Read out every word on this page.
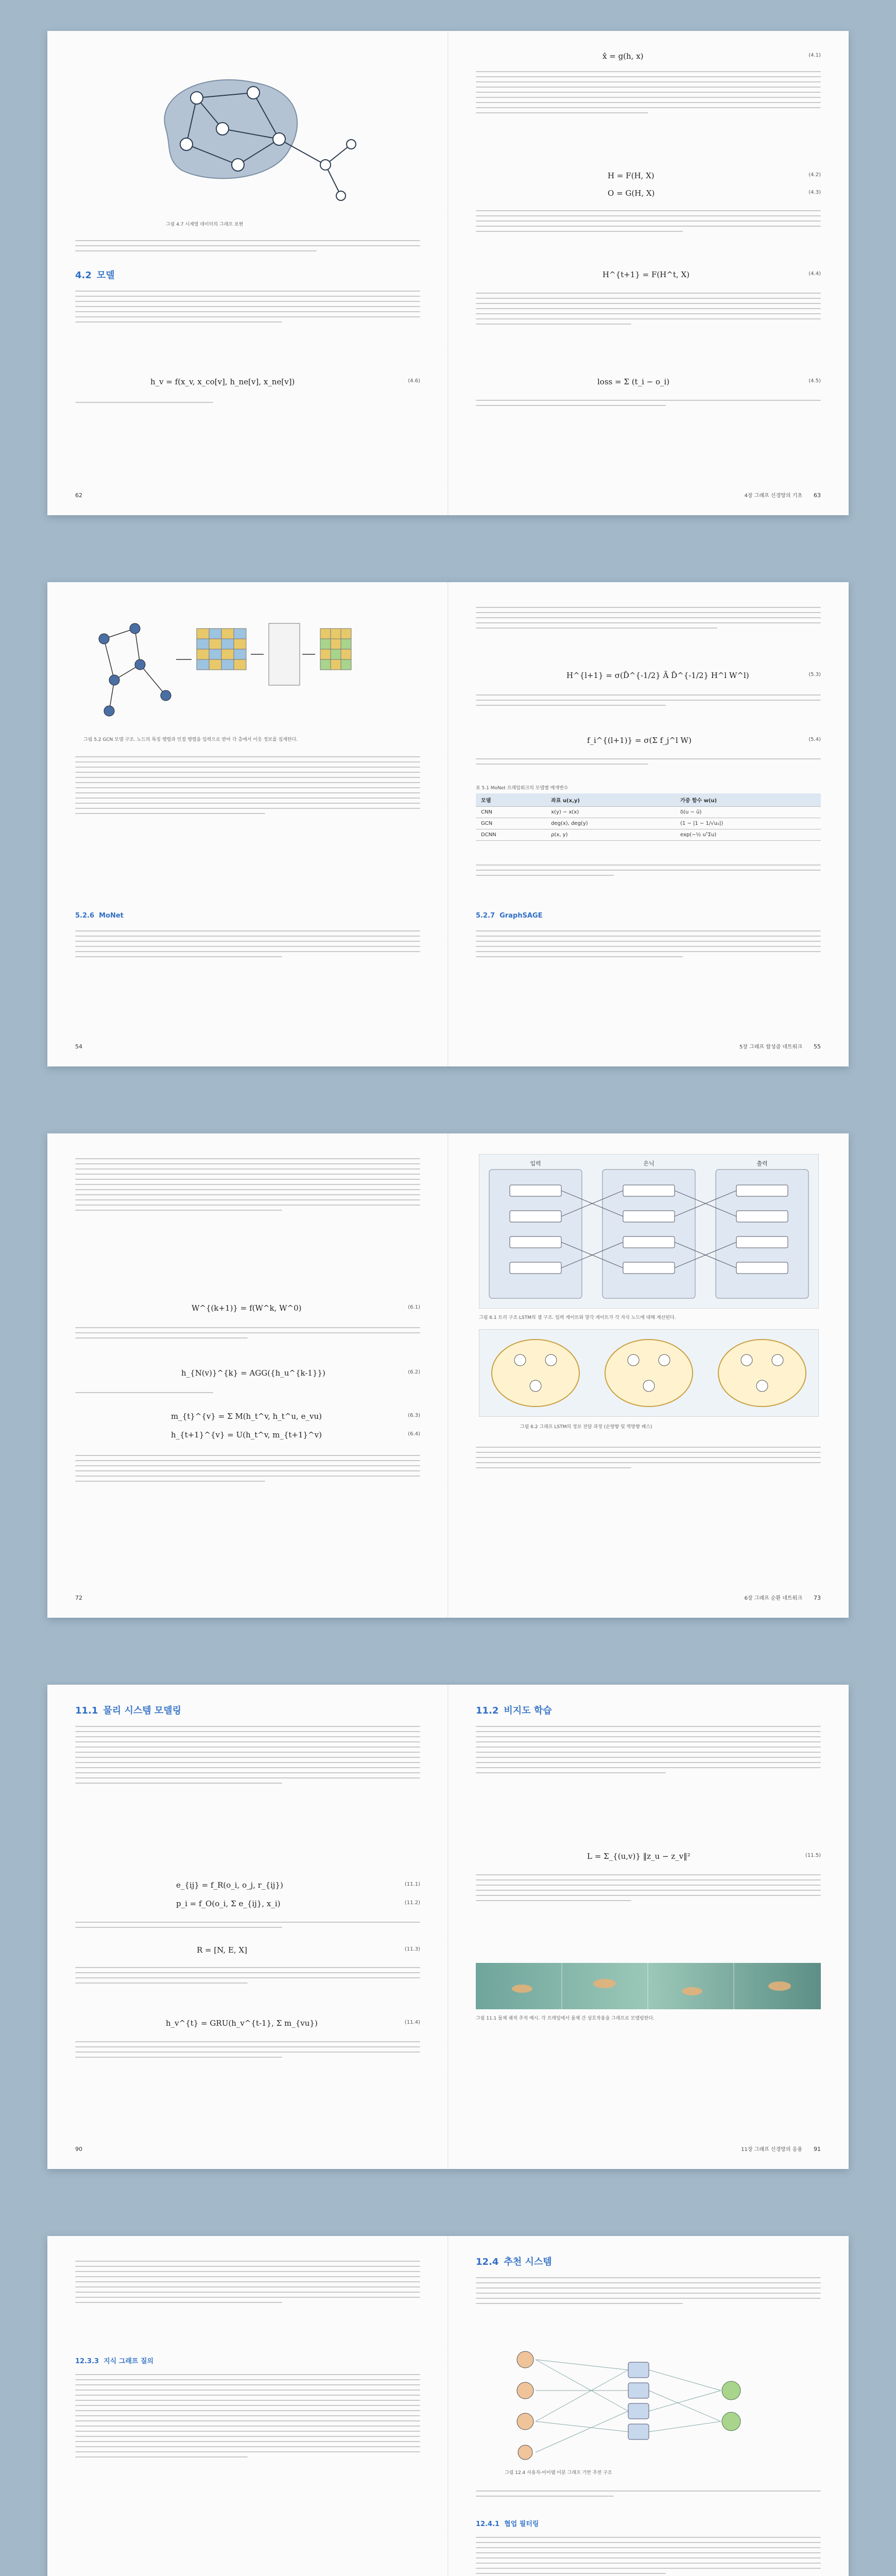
그림 4.7 시계열 데이터의 그래프 표현
4.2 모델
h_v = f(x_v, x_co[v], h_ne[v], x_ne[v])	(4.6)
62
x̂ = g(h, x)	(4.1)
H = F(H, X)	(4.2)
O = G(H, X)	(4.3)
H^{t+1} = F(H^t, X)	(4.4)
loss = Σ (t_i − o_i)	(4.5)
4장 그래프 신경망의 기초 63
그림 5.2 GCN 모델 구조. 노드의 특징 행렬과 인접 행렬을 입력으로 받아 각 층에서 이웃 정보를 집계한다.
5.2.6 MoNet
54
H^{l+1} = σ(D̃^{-1/2} Ã D̃^{-1/2} H^l W^l)	(5.3)
f_i^{(l+1)} = σ(Σ f_j^l W)	(5.4)
표 5.1 MoNet 프레임워크의 모델별 매개변수
모델	좌표 u(x,y)	가중 함수 w(u)
CNN	x(y) − x(x)	δ(u − ū)
GCN	deg(x), deg(y)	(1 − |1 − 1/√u₁|)
DCNN	ρ(x, y)	exp(−½ uᵀΣu)
5.2.7 GraphSAGE
5장 그래프 합성곱 네트워크 55
W^{(k+1)} = f(W^k, W^0)	(6.1)
h_{N(v)}^{k} = AGG({h_u^{k-1}})	(6.2)
m_{t}^{v} = Σ M(h_t^v, h_t^u, e_vu)	(6.3)
h_{t+1}^{v} = U(h_t^v, m_{t+1}^v)	(6.4)
72
입력	은닉	출력
그림 6.1 트리 구조 LSTM의 셀 구조. 입력 게이트와 망각 게이트가 각 자식 노드에 대해 계산된다.
그림 6.2 그래프 LSTM의 정보 전달 과정 (순방향 및 역방향 패스)
6장 그래프 순환 네트워크 73
11.1 물리 시스템 모델링
e_{ij} = f_R(o_i, o_j, r_{ij})	(11.1)
p_i = f_O(o_i, Σ e_{ij}, x_i)	(11.2)
R = [N, E, X]	(11.3)
h_v^{t} = GRU(h_v^{t-1}, Σ m_{vu})	(11.4)
90
11.2 비지도 학습
L = Σ_{(u,v)} ‖z_u − z_v‖²	(11.5)
그림 11.1 물체 궤적 추적 예시. 각 프레임에서 물체 간 상호작용을 그래프로 모델링한다.
11장 그래프 신경망의 응용 91
12.3.3 지식 그래프 질의
12.4 추천 시스템
그림 12.4 사용자-아이템 이분 그래프 기반 추천 구조
12.4.1 협업 필터링
